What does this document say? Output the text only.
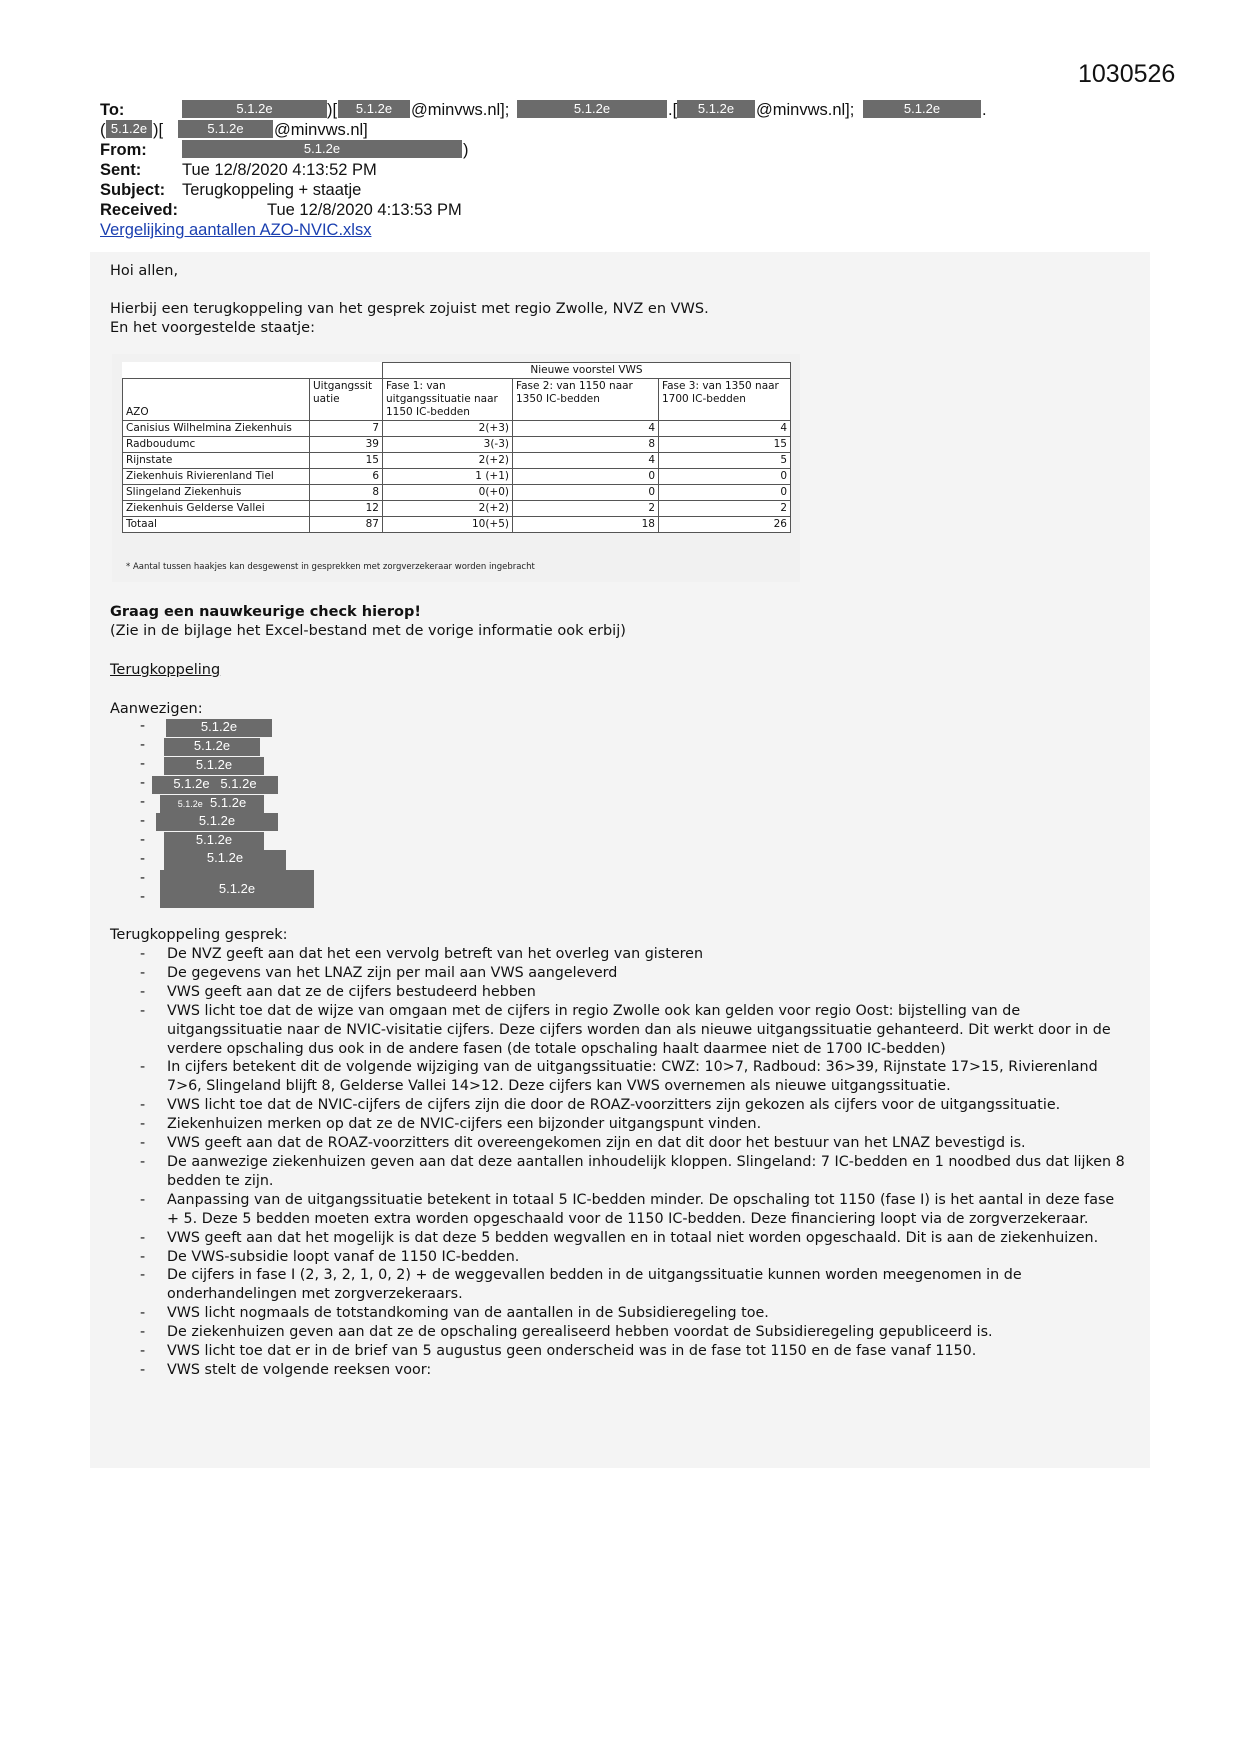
1030526
To:	5.1.2e	)[	5.1.2e	@minvws.nl];	5.1.2e	.[	5.1.2e	@minvws.nl];	5.1.2e	.
( 5.1.2e )[	5.1.2e	@minvws.nl]
From:	5.1.2e	)
Sent: Tue 12/8/2020 4:13:52 PM
Subject: Terugkoppeling + staatje
Received:	Tue 12/8/2020 4:13:53 PM
Vergelijking aantallen AZO-NVIC.xlsx
Hoi allen,
Hierbij een terugkoppeling van het gesprek zojuist met regio Zwolle, NVZ en VWS.
En het voorgestelde staatje:
		Nieuwe voorstel VWS		
AZO	Uitgangssit uatie	Fase 1: van uitgangssituatie naar 1150 IC-bedden	Fase 2: van 1150 naar 1350 IC-bedden	Fase 3: van 1350 naar 1700 IC-bedden
Canisius Wilhelmina Ziekenhuis	7	2(+3)	4	4
Radboudumc	39	3(-3)	8	15
Rijnstate	15	2(+2)	4	5
Ziekenhuis Rivierenland Tiel	6	1 (+1)	0	0
Slingeland Ziekenhuis	8	0(+0)	0	0
Ziekenhuis Gelderse Vallei	12	2(+2)	2	2
Totaal	87	10(+5)	18	26
* Aantal tussen haakjes kan desgewenst in gesprekken met zorgverzekeraar worden ingebracht
Graag een nauwkeurige check hierop!
(Zie in de bijlage het Excel-bestand met de vorige informatie ook erbij)
Terugkoppeling
Aanwezigen:
-	5.1.2e
-	5.1.2e
-	5.1.2e
-	5.1.2e 5.1.2e
-	5.1.2e 5.1.2e
-	5.1.2e
-	5.1.2e
-	5.1.2e
-
-
5.1.2e
Terugkoppeling gesprek:
- De NVZ geeft aan dat het een vervolg betreft van het overleg van gisteren
- De gegevens van het LNAZ zijn per mail aan VWS aangeleverd
- VWS geeft aan dat ze de cijfers bestudeerd hebben
- VWS licht toe dat de wijze van omgaan met de cijfers in regio Zwolle ook kan gelden voor regio Oost: bijstelling van de uitgangssituatie naar de NVIC-visitatie cijfers. Deze cijfers worden dan als nieuwe uitgangssituatie gehanteerd. Dit werkt door in de verdere opschaling dus ook in de andere fasen (de totale opschaling haalt daarmee niet de 1700 IC-bedden)
- In cijfers betekent dit de volgende wijziging van de uitgangssituatie: CWZ: 10>7, Radboud: 36>39, Rijnstate 17>15, Rivierenland 7>6, Slingeland blijft 8, Gelderse Vallei 14>12. Deze cijfers kan VWS overnemen als nieuwe uitgangssituatie.
- VWS licht toe dat de NVIC-cijfers de cijfers zijn die door de ROAZ-voorzitters zijn gekozen als cijfers voor de uitgangssituatie.
- Ziekenhuizen merken op dat ze de NVIC-cijfers een bijzonder uitgangspunt vinden.
- VWS geeft aan dat de ROAZ-voorzitters dit overeengekomen zijn en dat dit door het bestuur van het LNAZ bevestigd is.
- De aanwezige ziekenhuizen geven aan dat deze aantallen inhoudelijk kloppen. Slingeland: 7 IC-bedden en 1 noodbed dus dat lijken 8 bedden te zijn.
- Aanpassing van de uitgangssituatie betekent in totaal 5 IC-bedden minder. De opschaling tot 1150 (fase I) is het aantal in deze fase + 5. Deze 5 bedden moeten extra worden opgeschaald voor de 1150 IC-bedden. Deze financiering loopt via de zorgverzekeraar.
- VWS geeft aan dat het mogelijk is dat deze 5 bedden wegvallen en in totaal niet worden opgeschaald. Dit is aan de ziekenhuizen.
- De VWS-subsidie loopt vanaf de 1150 IC-bedden.
- De cijfers in fase I (2, 3, 2, 1, 0, 2) + de weggevallen bedden in de uitgangssituatie kunnen worden meegenomen in de onderhandelingen met zorgverzekeraars.
- VWS licht nogmaals de totstandkoming van de aantallen in de Subsidieregeling toe.
- De ziekenhuizen geven aan dat ze de opschaling gerealiseerd hebben voordat de Subsidieregeling gepubliceerd is.
- VWS licht toe dat er in de brief van 5 augustus geen onderscheid was in de fase tot 1150 en de fase vanaf 1150.
- VWS stelt de volgende reeksen voor:
